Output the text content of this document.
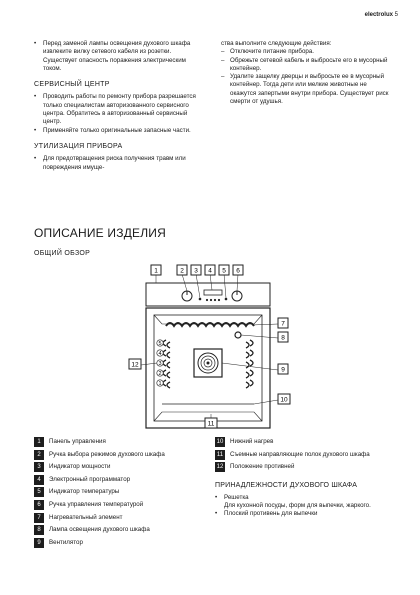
electrolux 5

• Перед заменой лампы освещения духового шкафа извлеките вилку сетевого кабеля из розетки. Существует опасность поражения электрическим током.

СЕРВИСНЫЙ ЦЕНТР

• Проводить работы по ремонту прибора разрешается только специалистам авторизованного сервисного центра. Обратитесь в авторизованный сервисный центр.

• Применяйте только оригинальные запасные части.

УТИЛИЗАЦИЯ ПРИБОРА

• Для предотвращения риска получения травм или повреждения имуще-

ства выполните следующие действия:
– Отключите питание прибора.
– Обрежьте сетевой кабель и выбросьте его в мусорный контейнер.
– Удалите защелку дверцы и выбросьте ее в мусорный контейнер. Тогда дети или мелкие животные не окажутся запертыми внутри прибора. Существует риск смерти от удушья.
ОПИСАНИЕ ИЗДЕЛИЯ
ОБЩИЙ ОБЗОР
5
4
3
2
1
1	2 3 4 5 6
7
8
9
10
11
12
1	Панель управления
2	Ручка выбора режимов духового шкафа
3	Индикатор мощности
4	Электронный программатор
5	Индикатор температуры
6	Ручка управления температурой
7	Нагревательный элемент
8	Лампа освещения духового шкафа
9	Вентилятор
10 Нижний нагрев
11	Съемные направляющие полок духового шкафа
12 Положение противней
ПРИНАДЛЕЖНОСТИ ДУХОВОГО ШКАФА
• Решетка
Для кухонной посуды, форм для выпечки, жаркого.
• Плоский противень для выпечки
